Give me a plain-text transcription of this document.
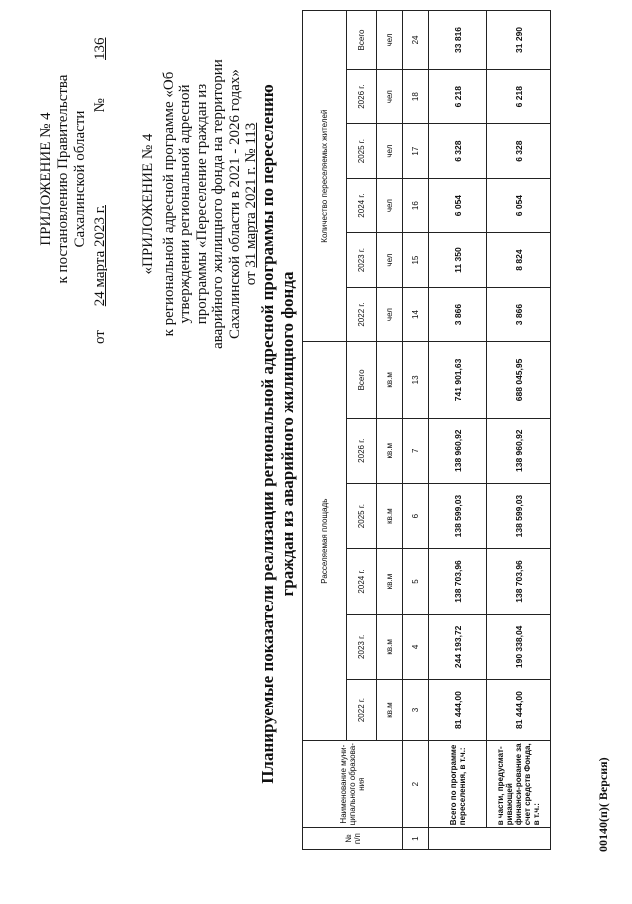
ПРИЛОЖЕНИЕ № 4 к постановлению Правительства Сахалинской области
от 24 марта 2023 г. № 136
«ПРИЛОЖЕНИЕ № 4 к региональной адресной программе «Об утверждении региональной адресной программы «Переселение граждан из аварийного жилищного фонда на территории Сахалинской области в 2021 - 2026 годах» от 31 марта 2021 г. № 113 Планируемые показатели реализации региональной адресной программы по переселению граждан из аварийного жилищного фонда
№ п/п	Наименование муни-ципального образова-ния	Расселяемая площадь						Количество переселяемых жителей					
		2022 г.	2023 г.	2024 г.	2025 г.	2026 г.	Всего	2022 г.	2023 г.	2024 г.	2025 г.	2026 г.	Всего
		кв.м	кв.м	кв.м	кв.м	кв.м	кв.м	чел	чел	чел	чел	чел	чел
1	2	3	4	5	6	7	13	14	15	16	17	18	24
	Всего по программе переселения, в т.ч.:	81 444,00	244 193,72	138 703,96	138 599,03	138 960,92	741 901,63	3 866	11 350	6 054	6 328	6 218	33 816
	в части, предусмат-ривающей финанси-рование за счет средств Фонда, в т.ч.:	81 444,00	190 338,04	138 703,96	138 599,03	138 960,92	688 045,95	3 866	8 824	6 054	6 328	6 218	31 290
00140(п)( Версия)
